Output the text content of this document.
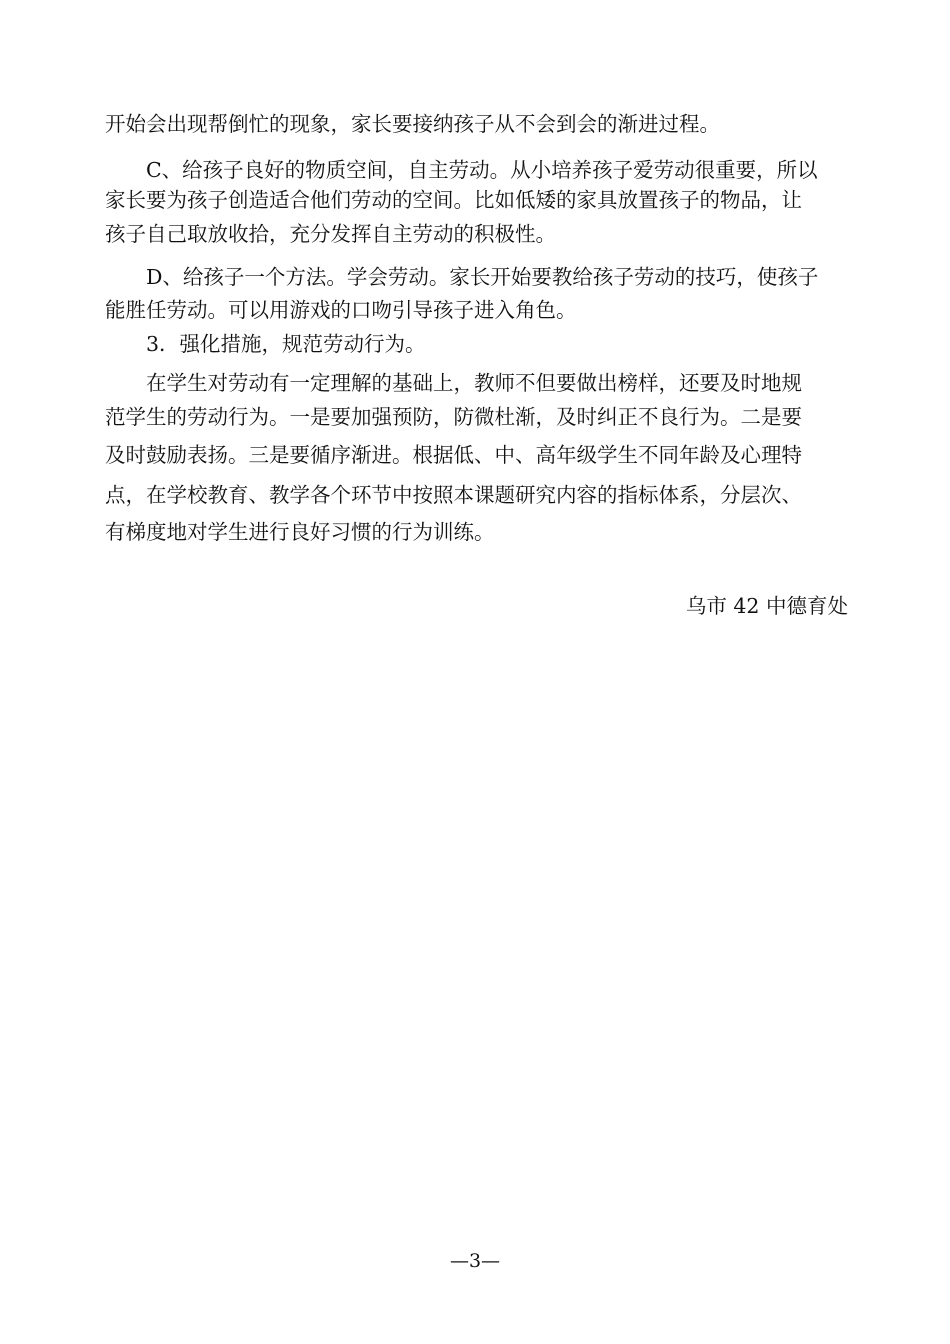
开始会出现帮倒忙的现象，家长要接纳孩子从不会到会的渐进过程。
C、给孩子良好的物质空间，自主劳动。从小培养孩子爱劳动很重要，所以
家长要为孩子创造适合他们劳动的空间。比如低矮的家具放置孩子的物品，让
孩子自己取放收拾，充分发挥自主劳动的积极性。
D、给孩子一个方法。学会劳动。家长开始要教给孩子劳动的技巧，使孩子
能胜任劳动。可以用游戏的口吻引导孩子进入角色。
3．强化措施，规范劳动行为。
在学生对劳动有一定理解的基础上，教师不但要做出榜样，还要及时地规
范学生的劳动行为。一是要加强预防，防微杜渐，及时纠正不良行为。二是要
及时鼓励表扬。三是要循序渐进。根据低、中、高年级学生不同年龄及心理特
点，在学校教育、教学各个环节中按照本课题研究内容的指标体系，分层次、
有梯度地对学生进行良好习惯的行为训练。
乌市 42 中德育处
—3—
